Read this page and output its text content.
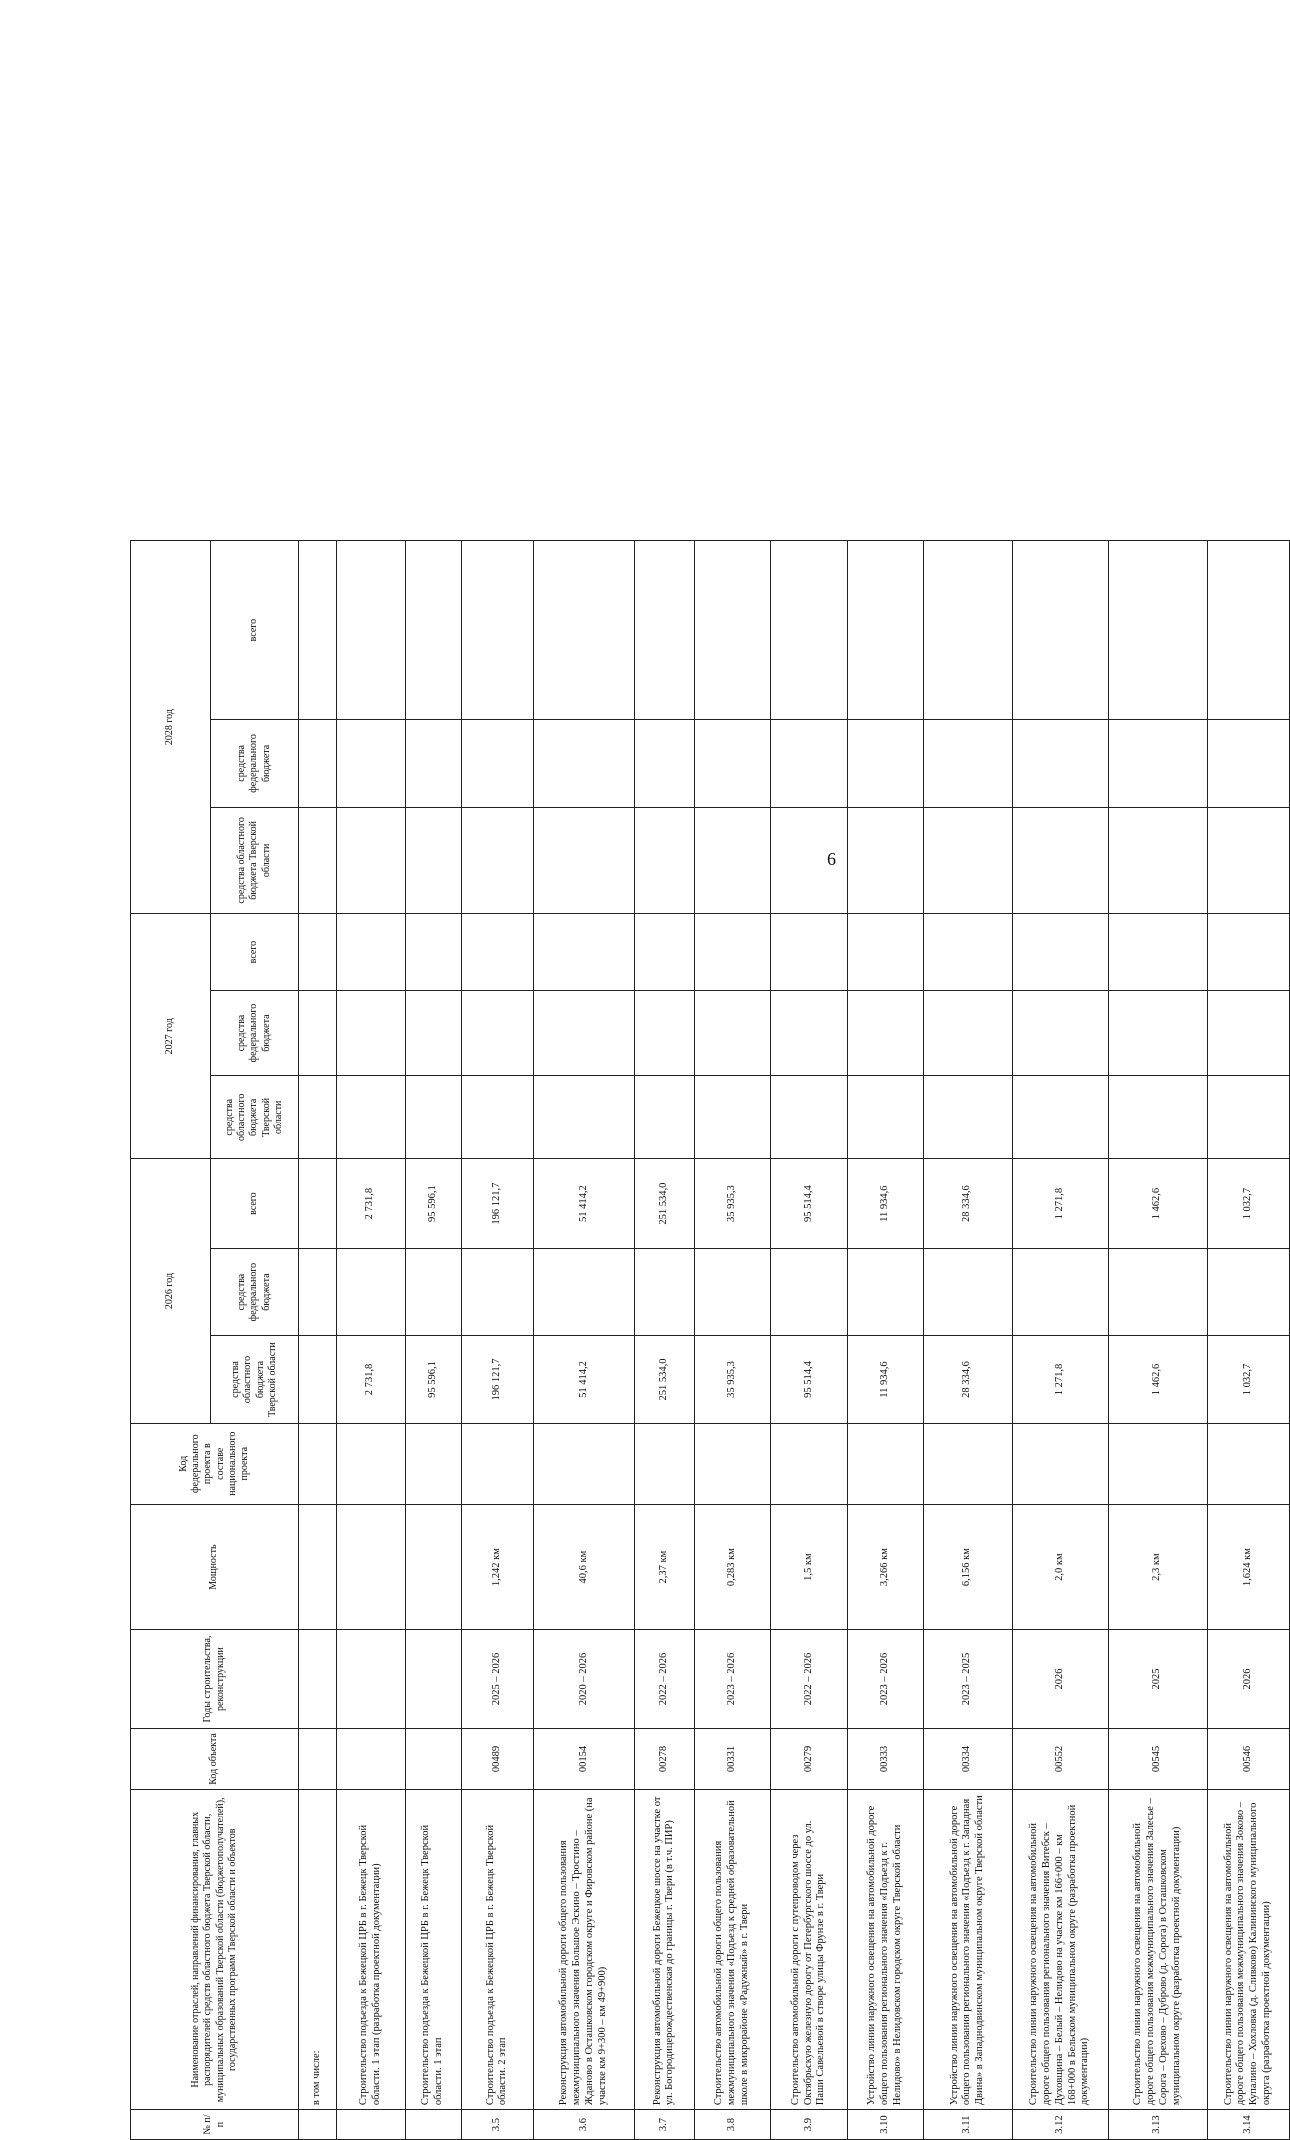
6
№ п/п	Наименование отраслей, направлений финансирования, главных распорядителей средств областного бюджета Тверской области, муниципальных образований Тверской области (бюджетополучателей), государственных программ Тверской области и объектов	Код объекта	Годы строительства, реконструкции	Мощность	Код федерального проекта в составе национального проекта	2026 год			2027 год			2028 год		
						средства областного бюджета Тверской области	средства федерального бюджета	всего	средства областного бюджета Тверской области	средства федерального бюджета	всего	средства областного бюджета Тверской области	средства федерального бюджета	всего
	в том числе:													
	Строительство подъезда к Бежецкой ЦРБ в г. Бежецк Тверской области. 1 этап (разработка проектной документации)					2 731,8		2 731,8						
	Строительство подъезда к Бежецкой ЦРБ в г. Бежецк Тверской области. 1 этап					95 596,1		95 596,1						
3.5	Строительство подъезда к Бежецкой ЦРБ в г. Бежецк Тверской области. 2 этап	00489	2025 – 2026	1,242 км		196 121,7		196 121,7						
3.6	Реконструкция автомобильной дороги общего пользования межмуниципального значения Большое Эскино – Тростино – Жданово в Осташковском городском округе и Фировском районе (на участке км 9+300 – км 49+900)	00154	2020 – 2026	40,6 км		51 414,2		51 414,2						
3.7	Реконструкция автомобильной дороги Бежецкое шоссе на участке от ул. Богородицерождественская до границы г. Твери (в т.ч. ПИР)	00278	2022 – 2026	2,37 км		251 534,0		251 534,0						
3.8	Строительство автомобильной дороги общего пользования межмуниципального значения «Подъезд к средней образовательной школе в микрорайоне «Радужный» в г. Твери	00331	2023 – 2026	0,283 км		35 935,3		35 935,3						
3.9	Строительство автомобильной дороги с путепроводом через Октябрьскую железную дорогу от Петербургского шоссе до ул. Паши Савельевой в створе улицы Фрунзе в г. Твери	00279	2022 – 2026	1,5 км		95 514,4		95 514,4						
3.10	Устройство линии наружного освещения на автомобильной дороге общего пользования регионального значения «Подъезд к г. Нелидово» в Нелидовском городском округе Тверской области	00333	2023 – 2026	3,266 км		11 934,6		11 934,6						
3.11	Устройство линии наружного освещения на автомобильной дороге общего пользования регионального значения «Подъезд к г. Западная Двина» в Западнодвинском муниципальном округе Тверской области	00334	2023 – 2025	6,156 км		28 334,6		28 334,6						
3.12	Строительство линии наружного освещения на автомобильной дороге общего пользования регионального значения Витебск – Духовщина – Белый – Нелидово на участке км 166+000 – км 168+000 в Бельском муниципальном округе (разработка проектной документации)	00552	2026	2,0 км		1 271,8		1 271,8						
3.13	Строительство линии наружного освещения на автомобильной дороге общего пользования межмуниципального значения Залесье – Сорога – Орехово – Дуброво (д. Сорога) в Осташковском муниципальном округе (разработка проектной документации)	00545	2025	2,3 км		1 462,6		1 462,6						
3.14	Строительство линии наружного освещения на автомобильной дороге общего пользования межмуниципального значения Зоково – Купалино – Хохловка (д. Сливково) Калининского муниципального округа (разработка проектной документации)	00546	2026	1,624 км		1 032,7		1 032,7						
